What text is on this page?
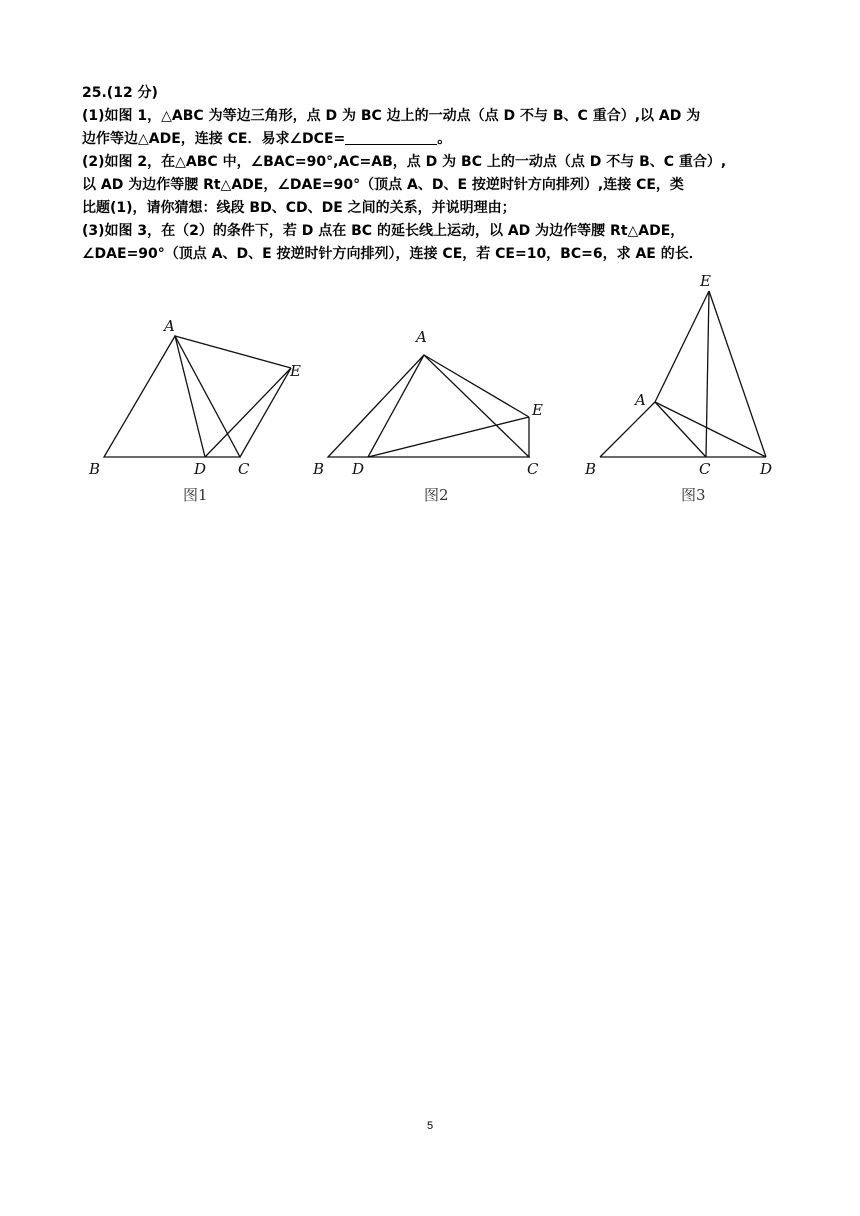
25.(12 分)
(1)如图 1，△ABC 为等边三角形，点 D 为 BC 边上的一动点（点 D 不与 B、C 重合）,以 AD 为
边作等边△ADE，连接 CE．易求∠DCE=	。
(2)如图 2，在△ABC 中，∠BAC=90°,AC=AB，点 D 为 BC 上的一动点（点 D 不与 B、C 重合）,
以 AD 为边作等腰 Rt△ADE，∠DAE=90°（顶点 A、D、E 按逆时针方向排列）,连接 CE，类
比题(1)，请你猜想：线段 BD、CD、DE 之间的关系，并说明理由；
(3)如图 3，在（2）的条件下，若 D 点在 BC 的延长线上运动，以 AD 为边作等腰 Rt△ADE，
∠DAE=90°（顶点 A、D、E 按逆时针方向排列），连接 CE，若 CE=10，BC=6，求 AE 的长．
A
B	D C
E
图1
A
B D	C
E
图2
A
E
B	C	D
图3
5
